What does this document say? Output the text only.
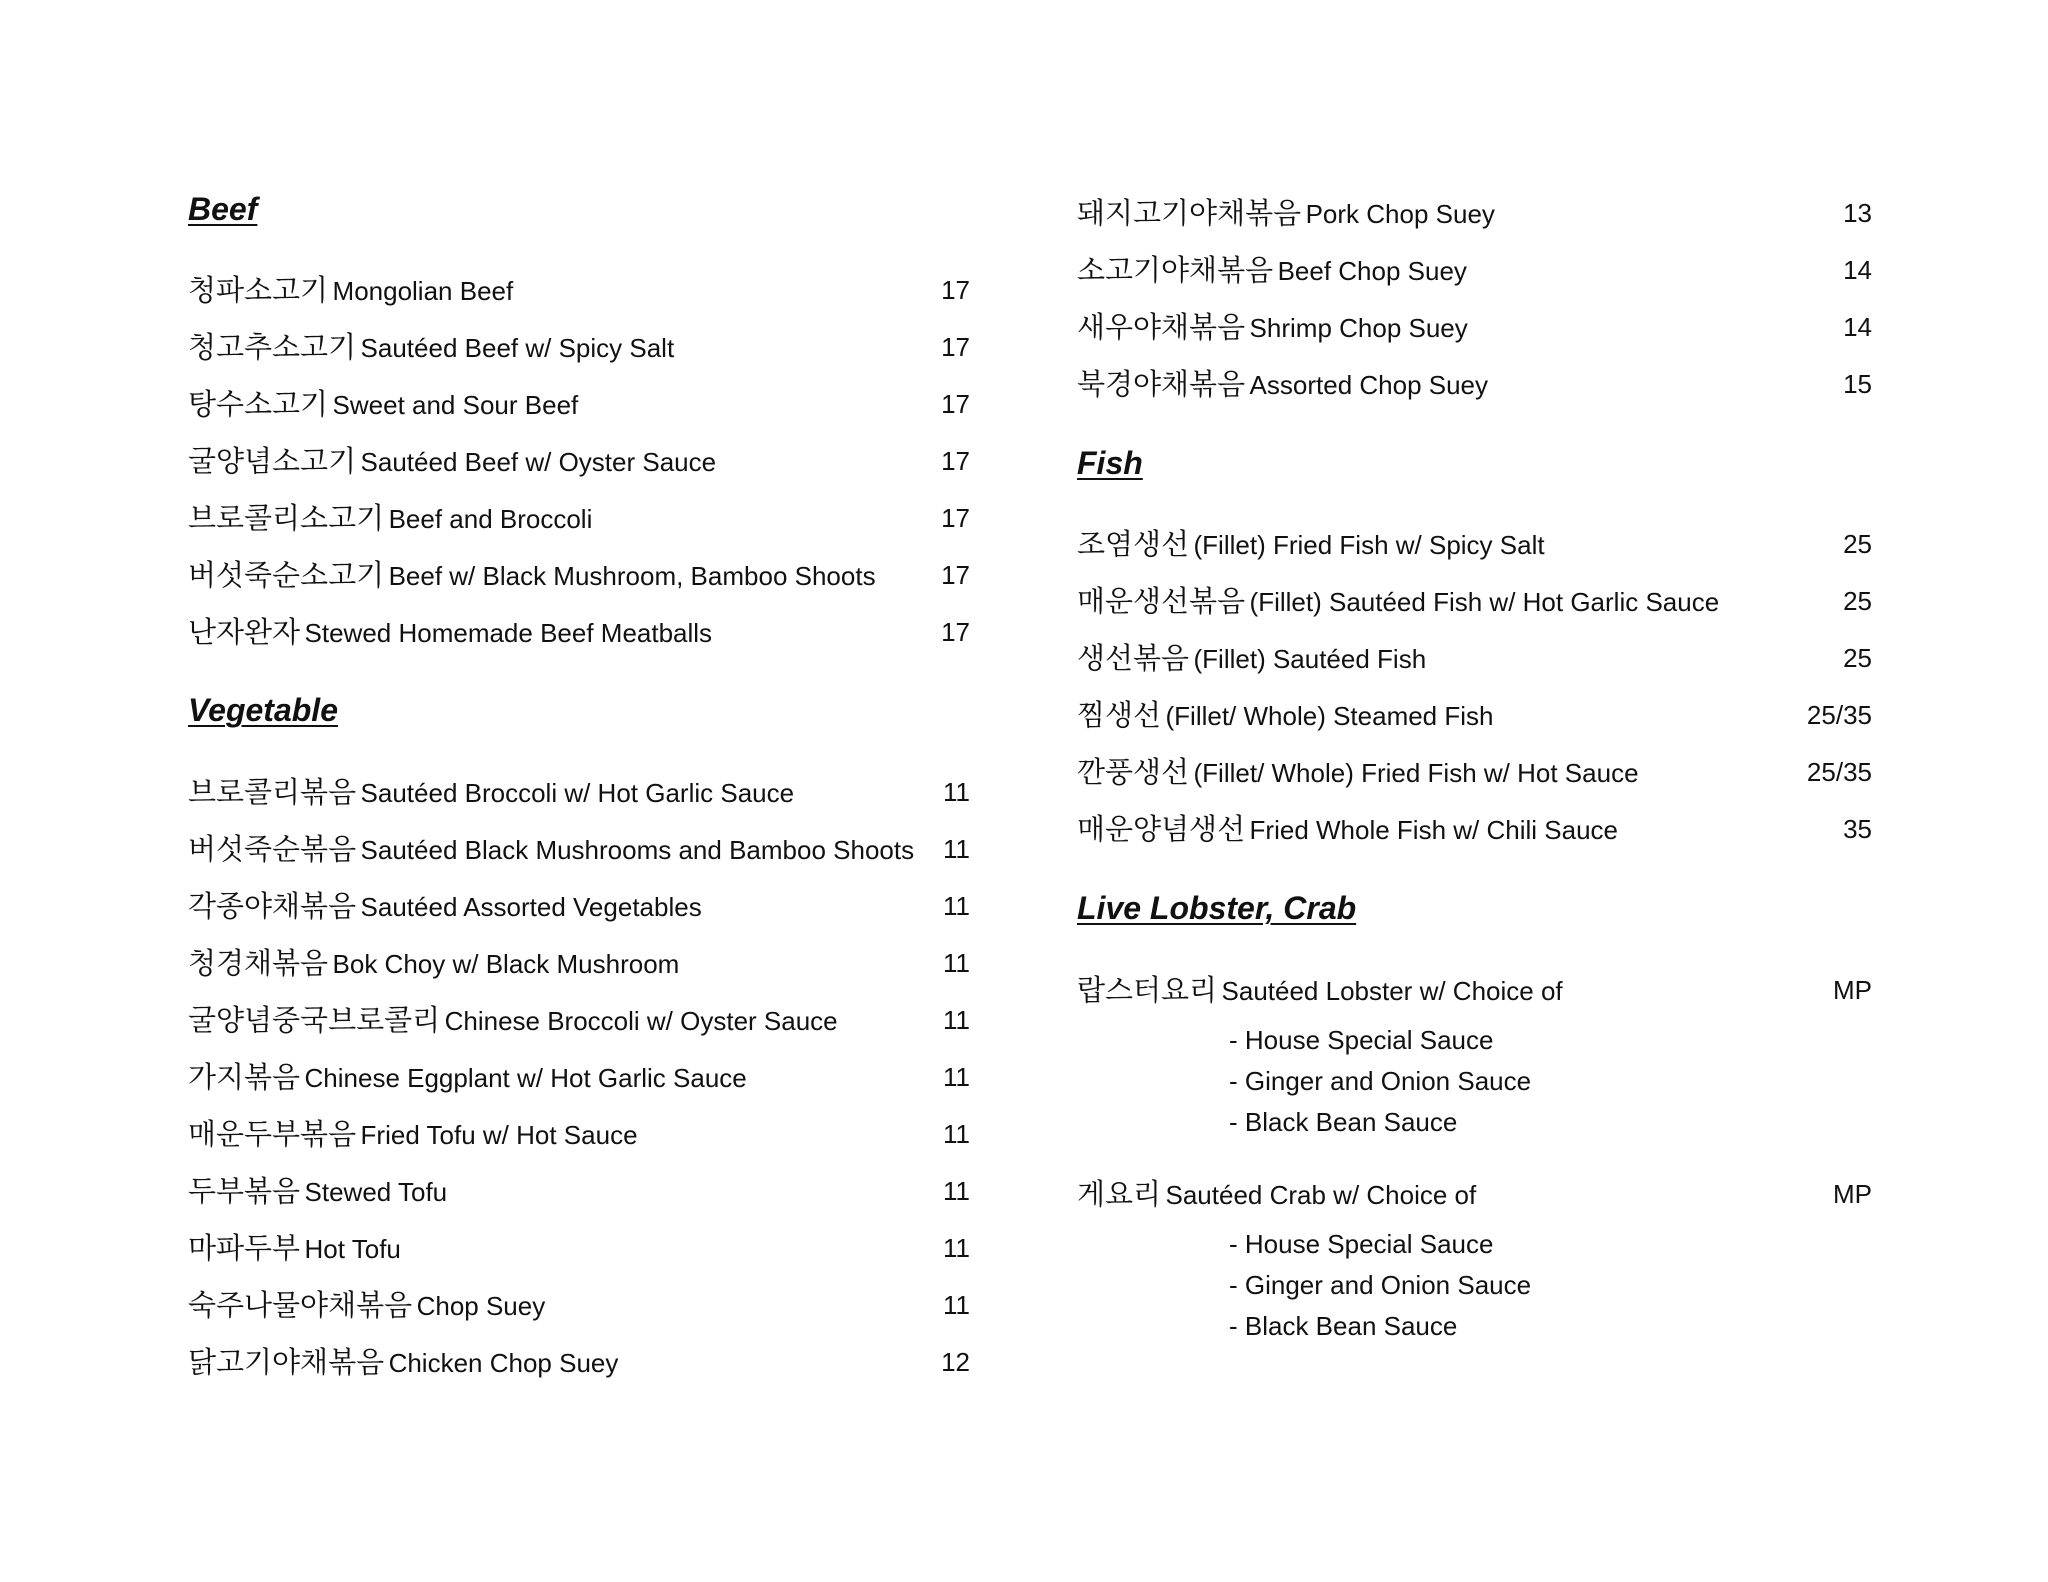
Beef
청파소고기 Mongolian Beef	17
청고추소고기 Sautéed Beef w/ Spicy Salt	17
탕수소고기 Sweet and Sour Beef	17
굴양념소고기 Sautéed Beef w/ Oyster Sauce	17
브로콜리소고기 Beef and Broccoli	17
버섯죽순소고기 Beef w/ Black Mushroom, Bamboo Shoots	17
난자완자 Stewed Homemade Beef Meatballs	17
Vegetable
브로콜리볶음 Sautéed Broccoli w/ Hot Garlic Sauce	11
버섯죽순볶음 Sautéed Black Mushrooms and Bamboo Shoots 11
각종야채볶음 Sautéed Assorted Vegetables	11
청경채볶음 Bok Choy w/ Black Mushroom	11
굴양념중국브로콜리 Chinese Broccoli w/ Oyster Sauce	11
가지볶음 Chinese Eggplant w/ Hot Garlic Sauce	11
매운두부볶음 Fried Tofu w/ Hot Sauce	11
두부볶음 Stewed Tofu	11
마파두부 Hot Tofu	11
숙주나물야채볶음 Chop Suey	11
닭고기야채볶음 Chicken Chop Suey	12
돼지고기야채볶음 Pork Chop Suey	13
소고기야채볶음 Beef Chop Suey	14
새우야채볶음 Shrimp Chop Suey	14
북경야채볶음 Assorted Chop Suey	15
Fish
조염생선 (Fillet) Fried Fish w/ Spicy Salt	25
매운생선볶음 (Fillet) Sautéed Fish w/ Hot Garlic Sauce	25
생선볶음 (Fillet) Sautéed Fish	25
찜생선 (Fillet/ Whole) Steamed Fish	25/35
깐풍생선 (Fillet/ Whole) Fried Fish w/ Hot Sauce	25/35
매운양념생선 Fried Whole Fish w/ Chili Sauce	35
Live Lobster, Crab
랍스터요리 Sautéed Lobster w/ Choice of	MP
- House Special Sauce
- Ginger and Onion Sauce
- Black Bean Sauce
게요리 Sautéed Crab w/ Choice of	MP
- House Special Sauce
- Ginger and Onion Sauce
- Black Bean Sauce
